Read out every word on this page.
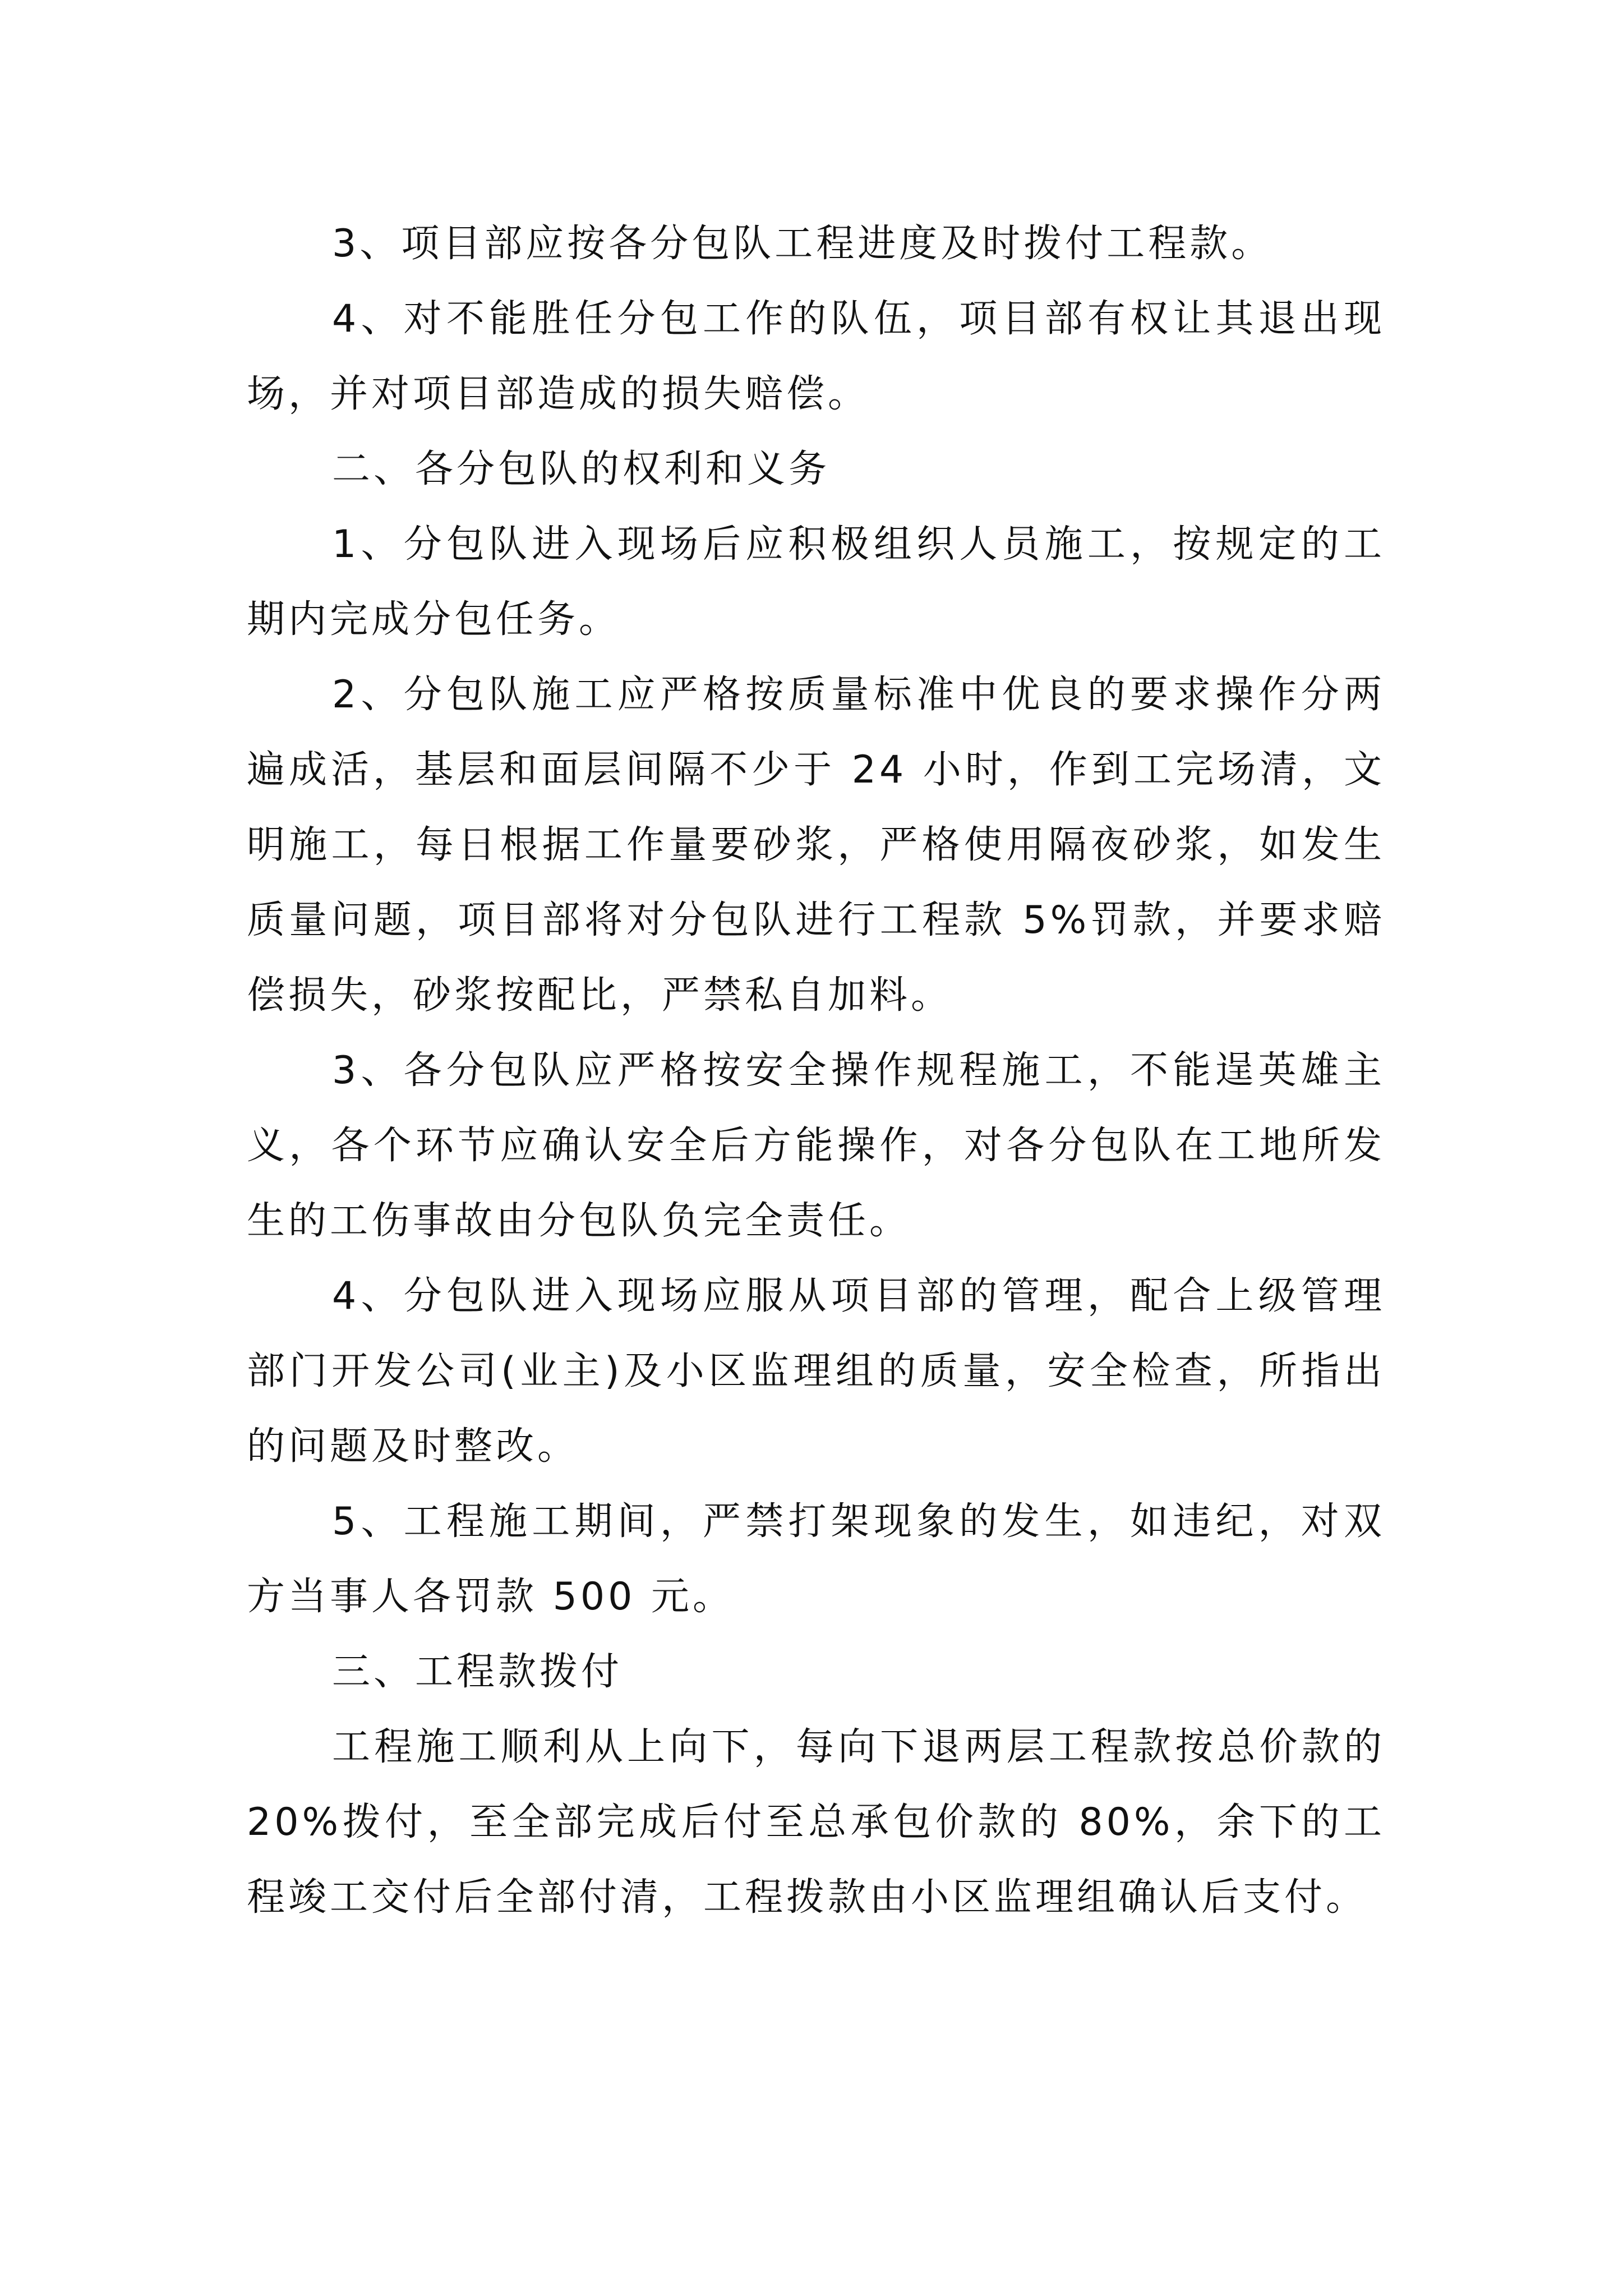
3、项目部应按各分包队工程进度及时拨付工程款。

4、对不能胜任分包工作的队伍，项目部有权让其退出现场，并对项目部造成的损失赔偿。

二、各分包队的权利和义务

1、分包队进入现场后应积极组织人员施工，按规定的工期内完成分包任务。

2、分包队施工应严格按质量标准中优良的要求操作分两遍成活，基层和面层间隔不少于 24 小时，作到工完场清，文明施工，每日根据工作量要砂浆，严格使用隔夜砂浆，如发生质量问题，项目部将对分包队进行工程款 5%罚款，并要求赔偿损失，砂浆按配比，严禁私自加料。

3、各分包队应严格按安全操作规程施工，不能逞英雄主义，各个环节应确认安全后方能操作，对各分包队在工地所发生的工伤事故由分包队负完全责任。

4、分包队进入现场应服从项目部的管理，配合上级管理部门开发公司(业主)及小区监理组的质量，安全检查，所指出的问题及时整改。

5、工程施工期间，严禁打架现象的发生，如违纪，对双方当事人各罚款 500 元。

三、工程款拨付

工程施工顺利从上向下，每向下退两层工程款按总价款的 20%拨付，至全部完成后付至总承包价款的 80%，余下的工程竣工交付后全部付清，工程拨款由小区监理组确认后支付。
